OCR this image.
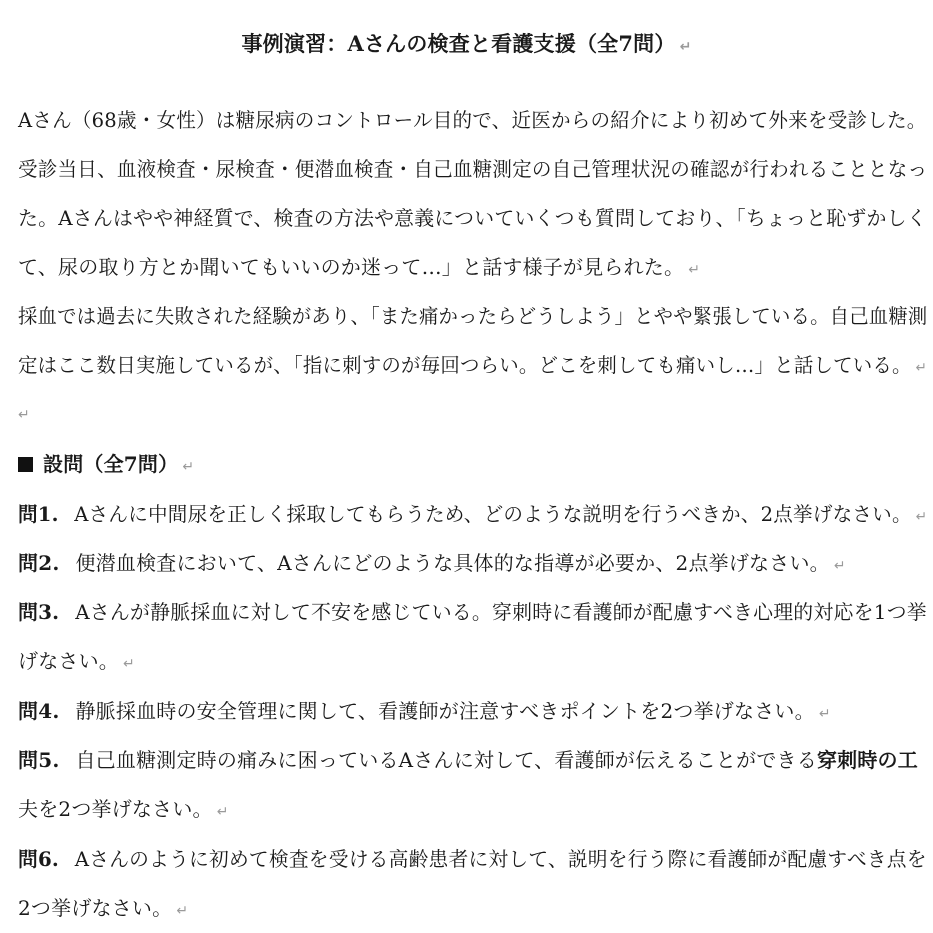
事例演習：Aさんの検査と看護支援（全7問） ↵
Aさん（68歳・女性）は糖尿病のコントロール目的で、近医からの紹介により初めて外来を受診した。
受診当日、血液検査・尿検査・便潜血検査・自己血糖測定の自己管理状況の確認が行われることとなっ
た。Aさんはやや神経質で、検査の方法や意義についていくつも質問しており、「ちょっと恥ずかしく
て、尿の取り方とか聞いてもいいのか迷って…」と話す様子が見られた。 ↵
採血では過去に失敗された経験があり、「また痛かったらどうしよう」とやや緊張している。自己血糖測
定はここ数日実施しているが、「指に刺すのが毎回つらい。どこを刺しても痛いし…」と話している。 ↵
↵
設問（全7問） ↵
問1. Aさんに中間尿を正しく採取してもらうため、どのような説明を行うべきか、2点挙げなさい。 ↵
問2. 便潜血検査において、Aさんにどのような具体的な指導が必要か、2点挙げなさい。 ↵
問3. Aさんが静脈採血に対して不安を感じている。穿刺時に看護師が配慮すべき心理的対応を1つ挙
げなさい。 ↵
問4. 静脈採血時の安全管理に関して、看護師が注意すべきポイントを2つ挙げなさい。 ↵
問5. 自己血糖測定時の痛みに困っているAさんに対して、看護師が伝えることができる穿刺時の工
夫を2つ挙げなさい。 ↵
問6. Aさんのように初めて検査を受ける高齢患者に対して、説明を行う際に看護師が配慮すべき点を
2つ挙げなさい。 ↵
